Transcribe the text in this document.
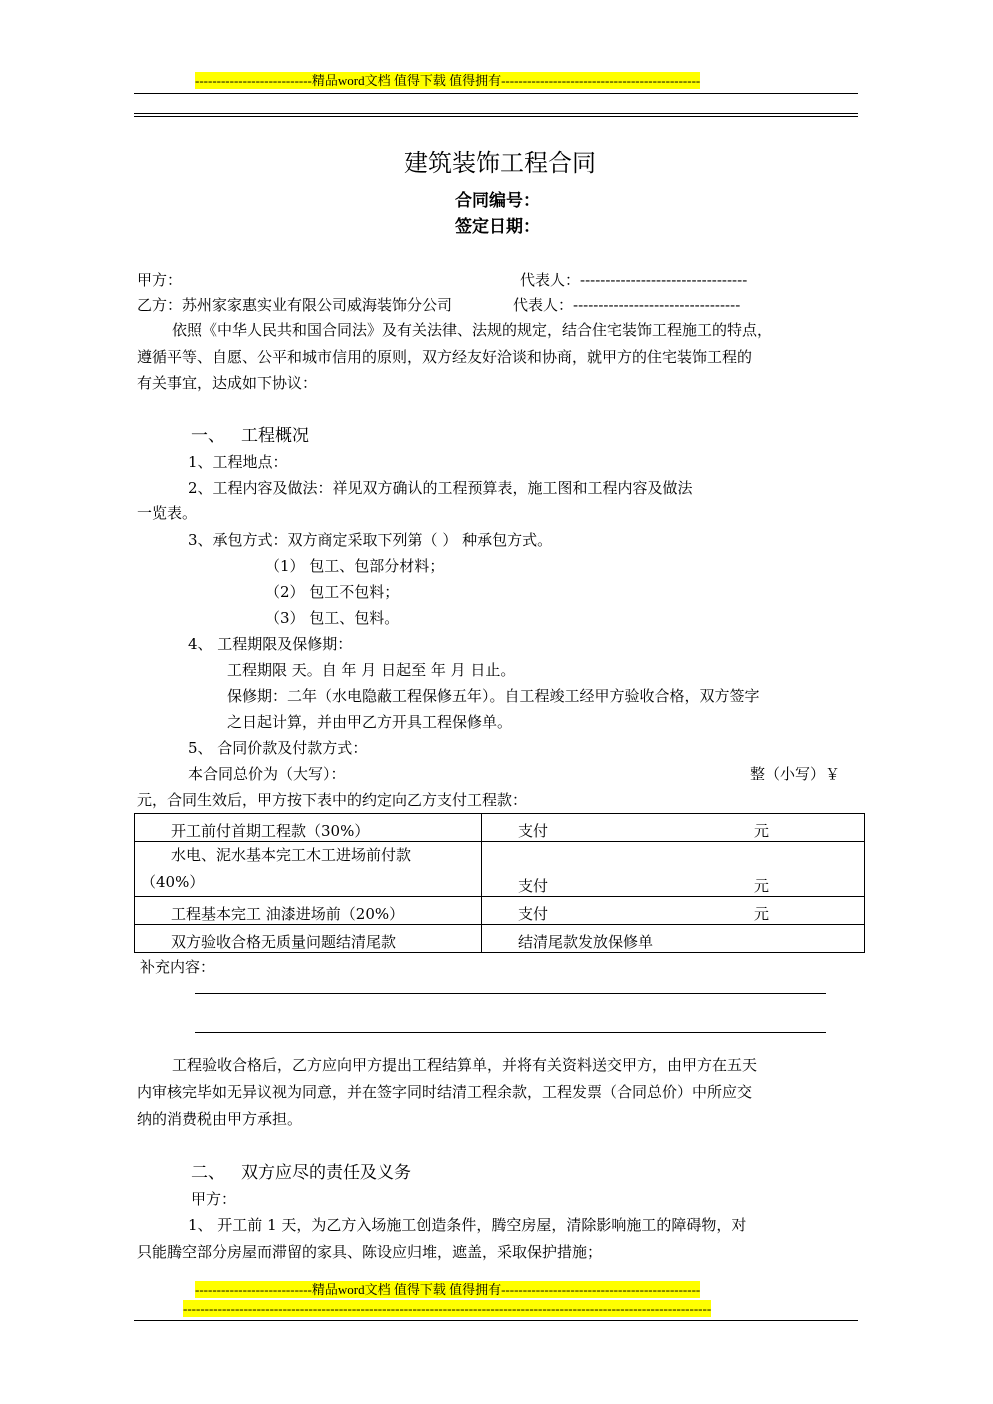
---------------------------精品word文档 值得下载 值得拥有----------------------------------------------
建筑装饰工程合同
合同编号：
签定日期：
甲方：	代表人：---------------------------------
乙方：苏州家家惠实业有限公司威海装饰分公司	代表人：---------------------------------
依照《中华人民共和国合同法》及有关法律、法规的规定，结合住宅装饰工程施工的特点，
遵循平等、自愿、公平和城市信用的原则，双方经友好洽谈和协商，就甲方的住宅装饰工程的
有关事宜，达成如下协议：
一、 工程概况
1、工程地点：
2、工程内容及做法：祥见双方确认的工程预算表，施工图和工程内容及做法
一览表。
3、承包方式：双方商定采取下列第（ ） 种承包方式。
（1） 包工、包部分材料；
（2） 包工不包料；
（3） 包工、包料。
4、 工程期限及保修期：
工程期限 天。自 年 月 日起至 年 月 日止。
保修期：二年（水电隐蔽工程保修五年）。自工程竣工经甲方验收合格，双方签字
之日起计算，并由甲乙方开具工程保修单。
5、 合同价款及付款方式：
本合同总价为（大写）：	整（小写）￥
元，合同生效后，甲方按下表中的约定向乙方支付工程款：
开工前付首期工程款（30%）	支付 元

水电、泥水基本完工木工进场前付款
（40%）	支付 元
工程基本完工 油漆进场前（20%）	支付 元
双方验收合格无质量问题结清尾款	结清尾款发放保修单
补充内容：
工程验收合格后，乙方应向甲方提出工程结算单，并将有关资料送交甲方，由甲方在五天
内审核完毕如无异议视为同意，并在签字同时结清工程余款，工程发票（合同总价）中所应交
纳的消费税由甲方承担。
二、 双方应尽的责任及义务
甲方：
1、 开工前 1 天，为乙方入场施工创造条件，腾空房屋，清除影响施工的障碍物，对
只能腾空部分房屋而滞留的家具、陈设应归堆，遮盖，采取保护措施；
---------------------------精品word文档 值得下载 值得拥有----------------------------------------------
--------------------------------------------------------------------------------------------------------------------------
